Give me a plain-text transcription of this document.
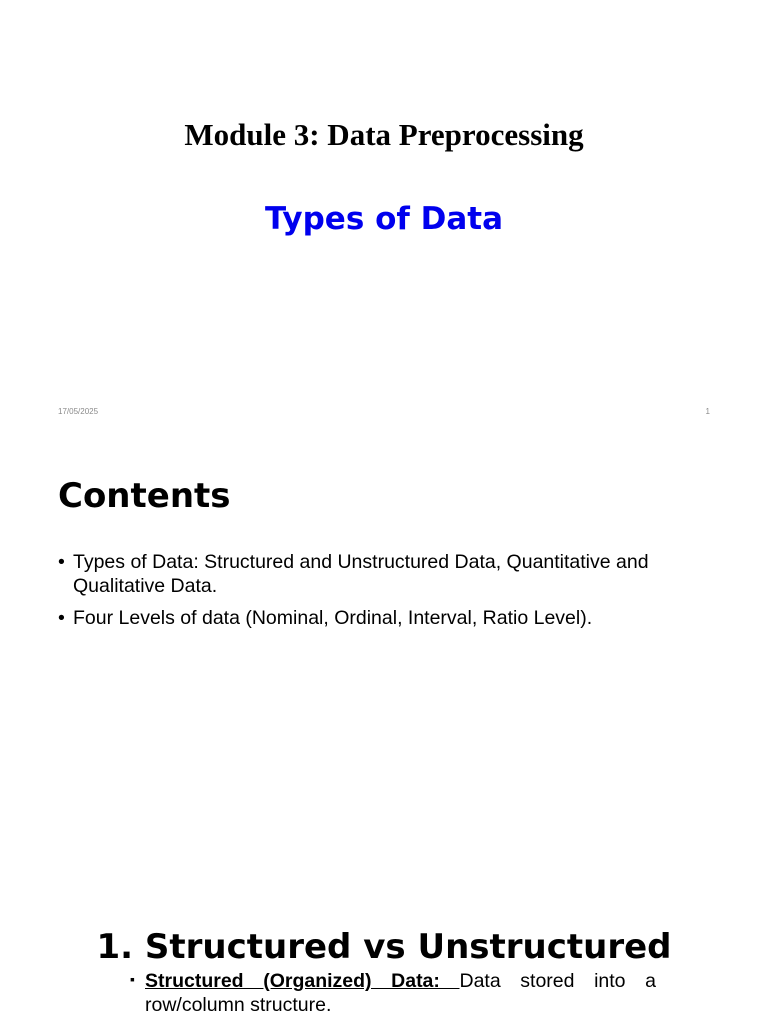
Module 3: Data Preprocessing
Types of Data
17/05/2025	1
Contents
• Types of Data: Structured and Unstructured Data, Quantitative and Qualitative Data.
• Four Levels of data (Nominal, Ordinal, Interval, Ratio Level).
1. Structured vs Unstructured
▪ Structured (Organized) Data: Data stored into a row/column structure.
